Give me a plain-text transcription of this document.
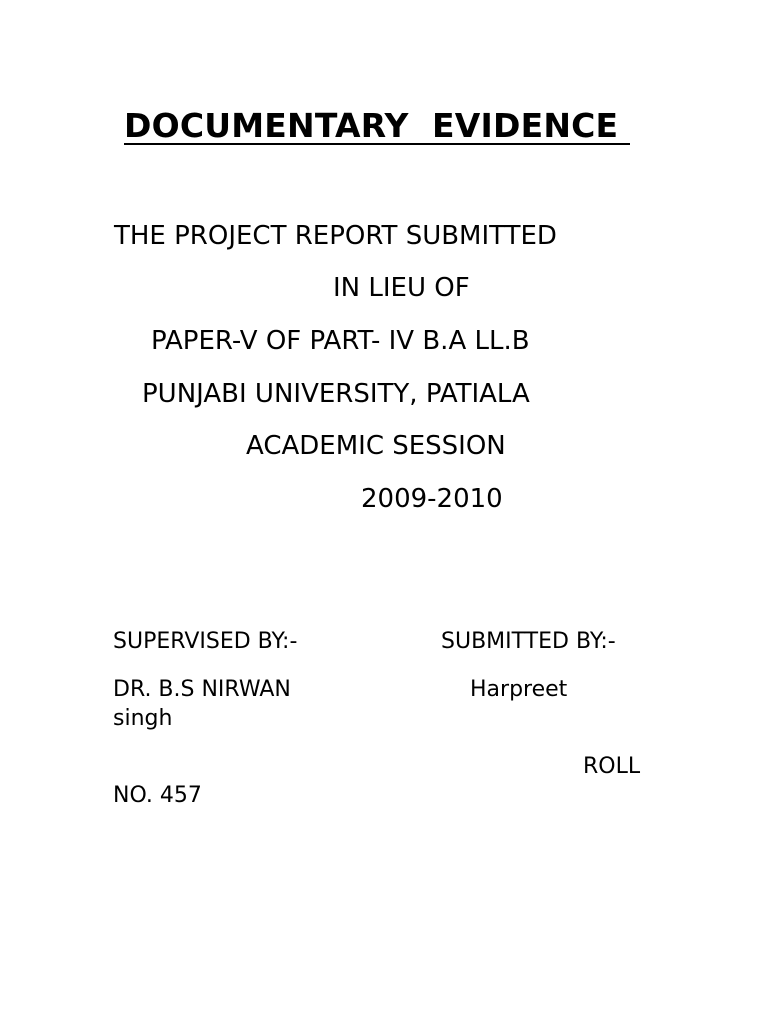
DOCUMENTARY  EVIDENCE
THE PROJECT REPORT SUBMITTED
IN LIEU OF
PAPER-V OF PART- IV B.A LL.B
PUNJABI UNIVERSITY, PATIALA
ACADEMIC SESSION
2009-2010
SUPERVISED BY:-	SUBMITTED BY:-
DR. B.S NIRWAN	Harpreet
singh
ROLL
NO. 457
